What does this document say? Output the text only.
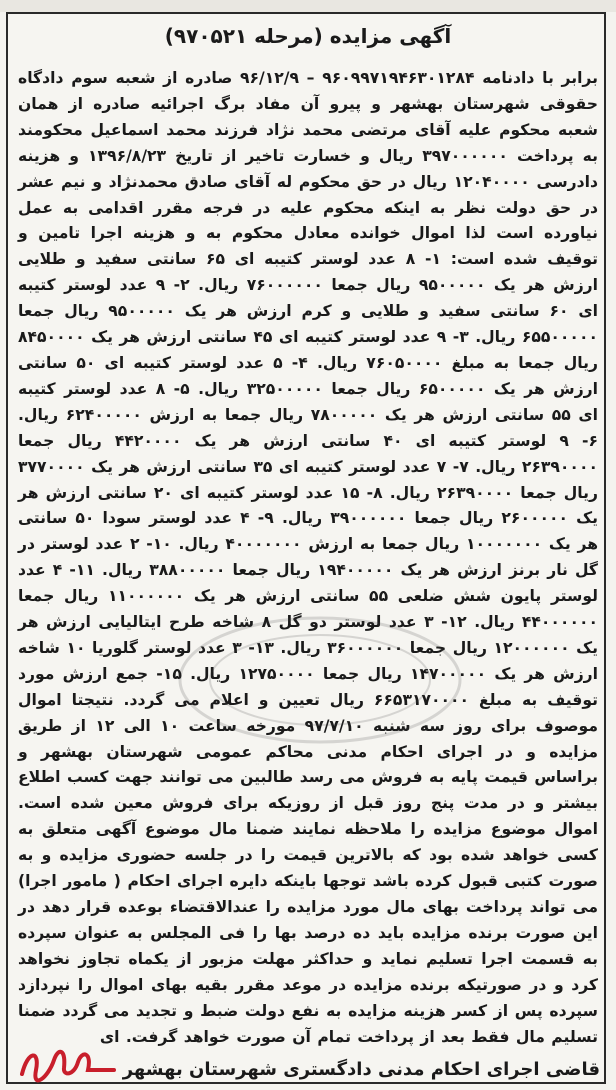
آگهی مزایده (مرحله ۹۷۰۵۲۱)
برابر با دادنامه ۹۶۰۹۹۷۱۹۴۶۳۰۱۲۸۴ – ۹۶/۱۲/۹ صادره از شعبه سوم دادگاه حقوقی شهرستان بهشهر و پیرو آن مفاد برگ اجرائیه صادره از همان شعبه محکوم علیه آقای مرتضی محمد نژاد فرزند محمد اسماعیل محکومند به پرداخت ۳۹۷۰۰۰۰۰۰ ریال و خسارت تاخیر از تاریخ ۱۳۹۶/۸/۲۳ و هزینه دادرسی ۱۲۰۴۰۰۰۰ ریال در حق محکوم له آقای صادق محمدنژاد و نیم عشر در حق دولت نظر به اینکه محکوم علیه در فرجه مقرر اقدامی به عمل نیاورده است لذا اموال خوانده معادل محکوم به و هزینه اجرا تامین و توقیف شده است: ۱- ۸ عدد لوستر کتیبه ای ۶۵ سانتی سفید و طلایی ارزش هر یک ۹۵۰۰۰۰۰ ریال جمعا ۷۶۰۰۰۰۰۰ ریال. ۲- ۹ عدد لوستر کتیبه ای ۶۰ سانتی سفید و طلایی و کرم ارزش هر یک ۹۵۰۰۰۰۰ ریال جمعا ۶۵۵۰۰۰۰۰ ریال. ۳- ۹ عدد لوستر کتیبه ای ۴۵ سانتی ارزش هر یک ۸۴۵۰۰۰۰ ریال جمعا به مبلغ ۷۶۰۵۰۰۰۰ ریال. ۴- ۵ عدد لوستر کتیبه ای ۵۰ سانتی ارزش هر یک ۶۵۰۰۰۰۰ ریال جمعا ۳۲۵۰۰۰۰۰ ریال. ۵- ۸ عدد لوستر کتیبه ای ۵۵ سانتی ارزش هر یک ۷۸۰۰۰۰۰ ریال جمعا به ارزش ۶۲۴۰۰۰۰۰ ریال. ۶- ۹ لوستر کتیبه ای ۴۰ سانتی ارزش هر یک ۴۴۲۰۰۰۰ ریال جمعا ۲۶۳۹۰۰۰۰ ریال. ۷- ۷ عدد لوستر کتیبه ای ۳۵ سانتی ارزش هر یک ۳۷۷۰۰۰۰ ریال جمعا ۲۶۳۹۰۰۰۰ ریال. ۸- ۱۵ عدد لوستر کتیبه ای ۲۰ سانتی ارزش هر یک ۲۶۰۰۰۰۰ ریال جمعا ۳۹۰۰۰۰۰۰ ریال. ۹- ۴ عدد لوستر سودا ۵۰ سانتی هر یک ۱۰۰۰۰۰۰۰ ریال جمعا به ارزش ۴۰۰۰۰۰۰۰ ریال. ۱۰- ۲ عدد لوستر در گل نار برنز ارزش هر یک ۱۹۴۰۰۰۰۰ ریال جمعا ۳۸۸۰۰۰۰۰ ریال. ۱۱- ۴ عدد لوستر پایون شش ضلعی ۵۵ سانتی ارزش هر یک ۱۱۰۰۰۰۰۰ ریال جمعا ۴۴۰۰۰۰۰۰ ریال. ۱۲- ۳ عدد لوستر دو گل ۸ شاخه طرح ایتالیایی ارزش هر یک ۱۲۰۰۰۰۰۰ ریال جمعا ۳۶۰۰۰۰۰۰ ریال. ۱۳- ۳ عدد لوستر گلوریا ۱۰ شاخه ارزش هر یک ۱۴۷۰۰۰۰۰ ریال جمعا ۱۲۷۵۰۰۰۰ ریال. ۱۵- جمع ارزش مورد توقیف به مبلغ ۶۶۵۳۱۷۰۰۰۰ ریال تعیین و اعلام می گردد. نتیجتا اموال موصوف برای روز سه شنبه ۹۷/۷/۱۰ مورخه ساعت ۱۰ الی ۱۲ از طریق مزایده و در اجرای احکام مدنی محاکم عمومی شهرستان بهشهر و براساس قیمت پایه به فروش می رسد طالبین می توانند جهت کسب اطلاع بیشتر و در مدت پنج روز قبل از روزیکه برای فروش معین شده است. اموال موضوع مزایده را ملاحظه نمایند ضمنا مال موضوع آگهی متعلق به کسی خواهد شده بود که بالاترین قیمت را در جلسه حضوری مزایده و به صورت کتبی قبول کرده باشد توجها باینکه دایره اجرای احکام ( مامور اجرا) می تواند پرداخت بهای مال مورد مزایده را عندالاقتضاء بوعده قرار دهد در این صورت برنده مزایده باید ده درصد بها را فی المجلس به عنوان سپرده به قسمت اجرا تسلیم نماید و حداکثر مهلت مزبور از یکماه تجاوز نخواهد کرد و در صورتیکه برنده مزایده در موعد مقرر بقیه بهای اموال را نپردازد سپرده پس از کسر هزینه مزایده به نفع دولت ضبط و تجدید می گردد ضمنا تسلیم مال فقط بعد از پرداخت تمام آن صورت خواهد گرفت. ای
قاضی اجرای احکام مدنی دادگستری شهرستان بهشهر
